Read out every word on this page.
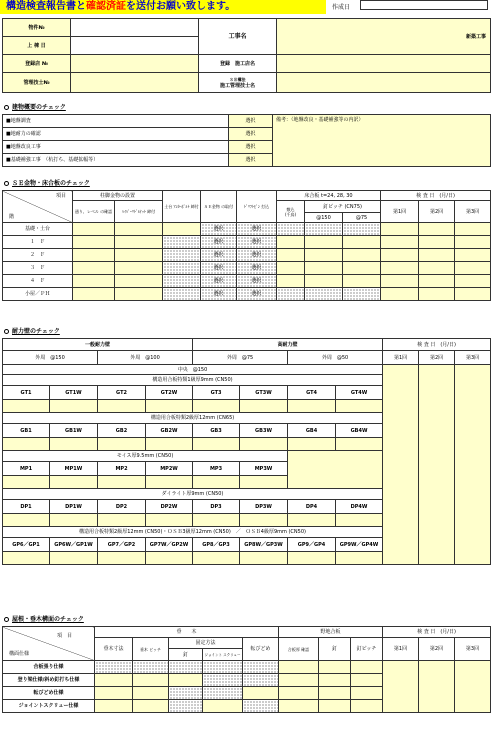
構造検査報告書と確認済証を送付お願い致します。	作成日
物件№		工事名	新築工事
上 棟 日			
登録店 №		登録　施工店名	
管理技士№		ＳＥ構法
施工管理技士名	
建物概要のチェック
■地盤調査	選択	備考：（地盤改良・基礎補強等の内訳）
■地耐力の確認	選択	
■地盤改良工事	選択	
■基礎補強工事　（杭打ち、基礎拡幅等）	選択	
ＳＥ金物・床合板のチェック
項目
階	柱脚金物の設置		土台 ｱﾝｶｰﾎﾞﾙﾄ 締付	ＳＥ金物 の取付	ﾄﾞﾘﾌﾄﾋﾟﾝ 打込	床合板 t=24, 28, 30			検 査 日　(月/日)		
	通り、レベル の確認	ﾊｲﾊﾟｰﾘﾄﾞﾙﾅｯﾄ 締付				敷込
(千鳥)	釘ピッチ (CN75)		第1回	第2回	第3回
							@150	@75			
基礎・土台				選択	選択						
１　Ｆ				選択	選択						
２　Ｆ				選択	選択						
３　Ｆ				選択	選択						
４　Ｆ				選択	選択						
小屋／ＰＨ				選択	選択						
耐力壁のチェック
一般耐力壁				高耐力壁				検 査 日　(月/日)		
外周　@150		外周　@100		外周　@75		外周　@50		第1回	第2回	第3回
中央　@150										
構造用合板特類1級厚9mm (CN50)										
GT1	GT1W	GT2	GT2W	GT3	GT3W	GT4	GT4W			

構造用合板特類2級厚12mm (CN65)										
GB1	GB1W	GB2	GB2W	GB3	GB3W	GB4	GB4W			

モイス厚9.5mm (CN50)										
MP1	MP1W	MP2	MP2W	MP3	MP3W					

ダイライト厚9mm (CN50)										
DP1	DP1W	DP2	DP2W	DP3	DP3W	DP4	DP4W			

構造用合板特類2級厚12mm (CN50)・ＯＳＢ3級厚12mm (CN50)　／　ＯＳＢ4級厚9mm (CN50)										
GP6／GP1	GP6W／GP1W	GP7／GP2	GP7W／GP2W	GP8／GP3	GP8W／GP3W	GP9／GP4	GP9W／GP4W			

屋根・垂木構面のチェック
項　目
構面仕様	垂　　木					野地合板			検 査 日　(月/日)		
	垂木寸法	垂木 ピッチ	固定方法		転びどめ	合板厚 確認	釘	釘ピッチ	第1回	第2回	第3回
			釘	ジョイント スクリュー							
合板張り仕様											
登り梁仕様/斜め釘打ち仕様											
転びどめ仕様											
ジョイントスクリュー仕様											
